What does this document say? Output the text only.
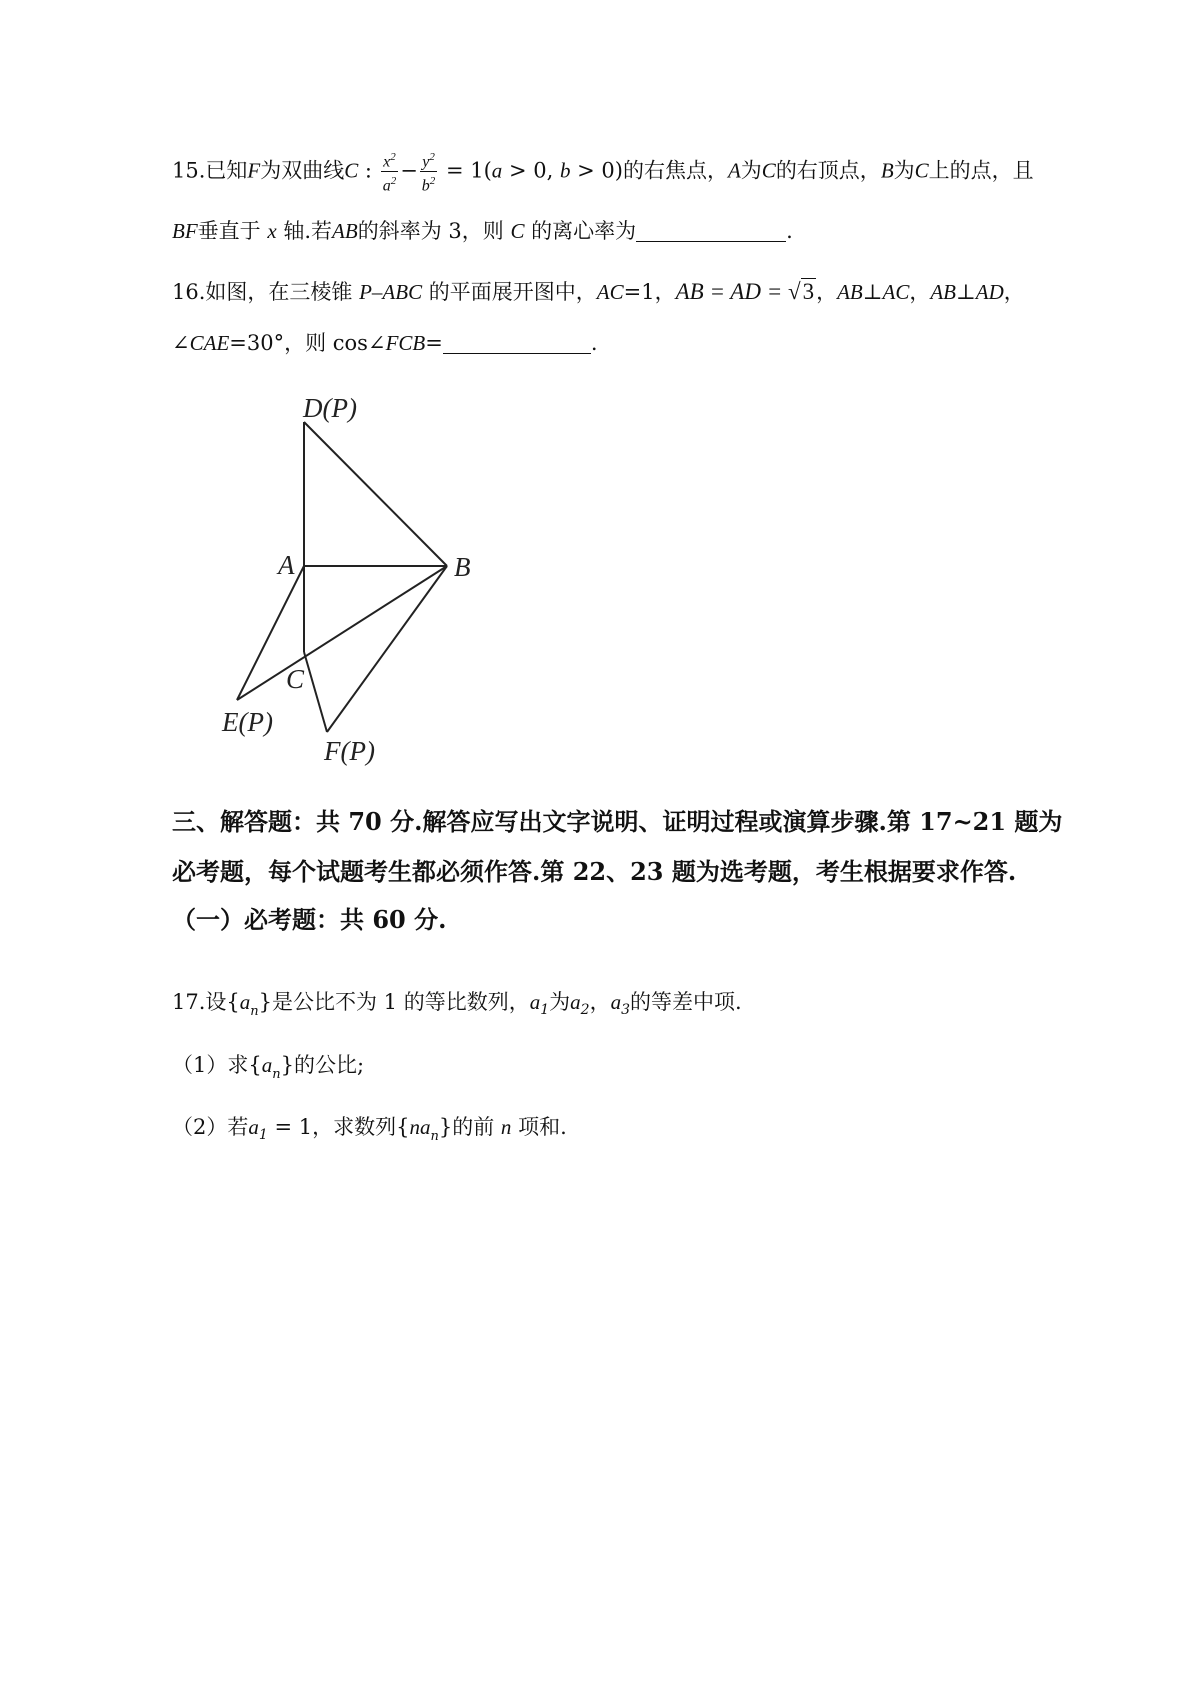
15.已知F为双曲线C : $\frac{x^2}{a^2} - \frac{y^2}{b^2} = 1(a > 0$, b > 0)的右焦点，A为C的右顶点，B为C上的点，且
BF垂直于 x 轴.若AB的斜率为 3，则 C 的离心率为	.
16.如图，在三棱锥 P–ABC 的平面展开图中，AC=1，AB = AD = √3，AB⊥AC，AB⊥AD，
∠CAE=30°，则 cos∠FCB=	.
D(P)
A	B
C
E(P)
F(P)
三、解答题：共 70 分.解答应写出文字说明、证明过程或演算步骤.第 17~21 题为
必考题，每个试题考生都必须作答.第 22、23 题为选考题，考生根据要求作答.
（一）必考题：共 60 分.
17.设$\{a_n\}$是公比不为 1 的等比数列，$a_1$为$a_2$，$a_3$的等差中项.
（1）求$\{a_n\}$的公比;
（2）若$a_1 = 1$，求数列$\{na_n\}$的前 n 项和.
